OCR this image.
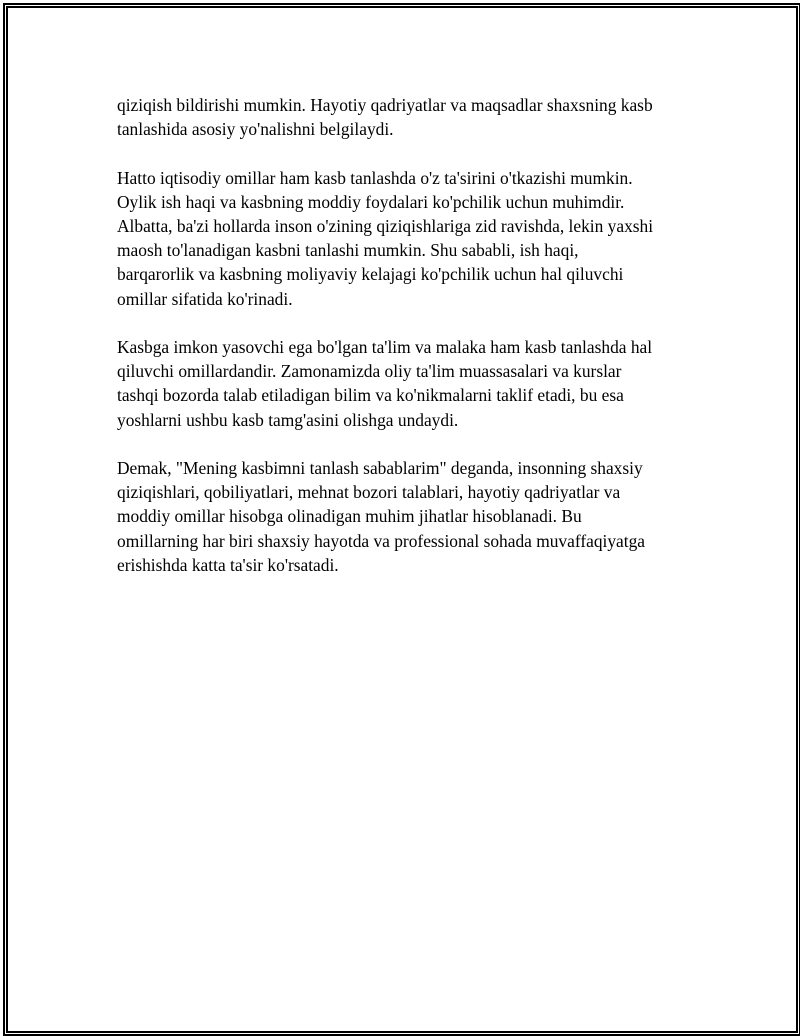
qiziqish bildirishi mumkin. Hayotiy qadriyatlar va maqsadlar shaxsning kasb
tanlashida asosiy yo'nalishni belgilaydi.

Hatto iqtisodiy omillar ham kasb tanlashda o'z ta'sirini o'tkazishi mumkin.
Oylik ish haqi va kasbning moddiy foydalari ko'pchilik uchun muhimdir.
Albatta, ba'zi hollarda inson o'zining qiziqishlariga zid ravishda, lekin yaxshi
maosh to'lanadigan kasbni tanlashi mumkin. Shu sababli, ish haqi,
barqarorlik va kasbning moliyaviy kelajagi ko'pchilik uchun hal qiluvchi
omillar sifatida ko'rinadi.

Kasbga imkon yasovchi ega bo'lgan ta'lim va malaka ham kasb tanlashda hal
qiluvchi omillardandir. Zamonamizda oliy ta'lim muassasalari va kurslar
tashqi bozorda talab etiladigan bilim va ko'nikmalarni taklif etadi, bu esa
yoshlarni ushbu kasb tamg'asini olishga undaydi.

Demak, "Mening kasbimni tanlash sabablarim" deganda, insonning shaxsiy
qiziqishlari, qobiliyatlari, mehnat bozori talablari, hayotiy qadriyatlar va
moddiy omillar hisobga olinadigan muhim jihatlar hisoblanadi. Bu
omillarning har biri shaxsiy hayotda va professional sohada muvaffaqiyatga
erishishda katta ta'sir ko'rsatadi.
